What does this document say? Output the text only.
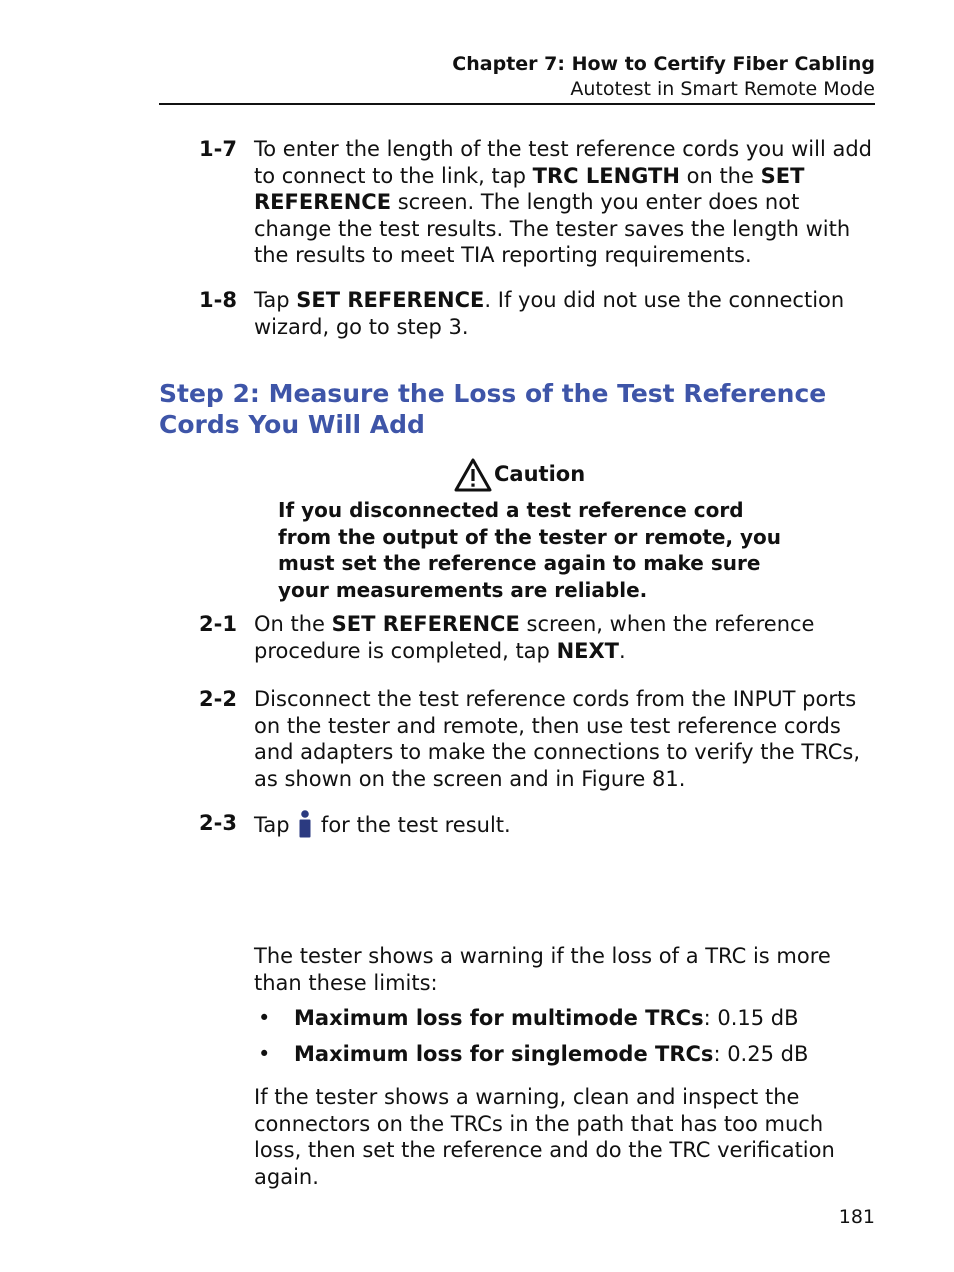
Chapter 7: How to Certify Fiber Cabling
Autotest in Smart Remote Mode
1-7 To enter the length of the test reference cords you will add to connect to the link, tap TRC LENGTH on the SET REFERENCE screen. The length you enter does not change the test results. The tester saves the length with the results to meet TIA reporting requirements.
1-8 Tap SET REFERENCE. If you did not use the connection wizard, go to step 3.
Step 2: Measure the Loss of the Test Reference Cords You Will Add
Caution
If you disconnected a test reference cord from the output of the tester or remote, you must set the reference again to make sure your measurements are reliable.
2-1 On the SET REFERENCE screen, when the reference procedure is completed, tap NEXT.
2-2 Disconnect the test reference cords from the INPUT ports on the tester and remote, then use test reference cords and adapters to make the connections to verify the TRCs, as shown on the screen and in Figure 81.
2-3 Tap  for the test result.
The tester shows a warning if the loss of a TRC is more than these limits:
• Maximum loss for multimode TRCs: 0.15 dB
• Maximum loss for singlemode TRCs: 0.25 dB
If the tester shows a warning, clean and inspect the connectors on the TRCs in the path that has too much loss, then set the reference and do the TRC verification again.
181
